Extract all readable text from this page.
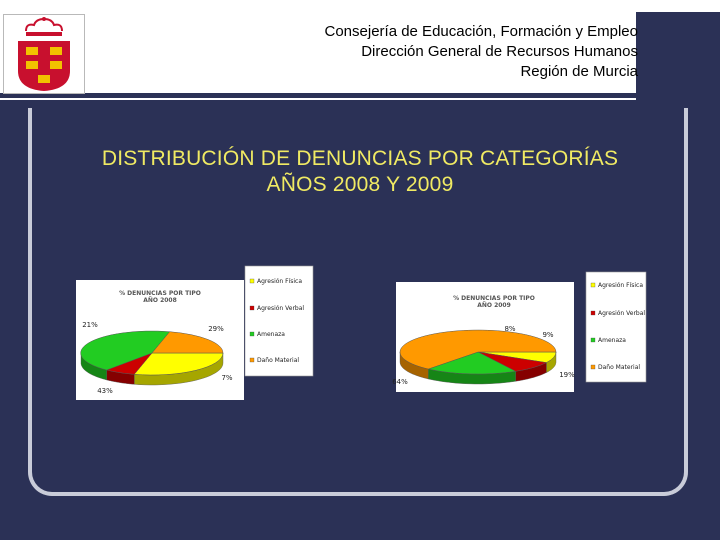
Consejería de Educación, Formación y Empleo
Dirección General de Recursos Humanos
Región de Murcia
DISTRIBUCIÓN DE DENUNCIAS POR CATEGORÍAS
AÑOS 2008 Y 2009
% DENUNCIAS POR TIPO
AÑO 2008
29%
7%
43%
21%
Agresión Física
Agresión Verbal
Amenaza
Daño Material
% DENUNCIAS POR TIPO
AÑO 2009
8%
9%
19%
64%
Agresión Física
Agresión Verbal
Amenaza
Daño Material
